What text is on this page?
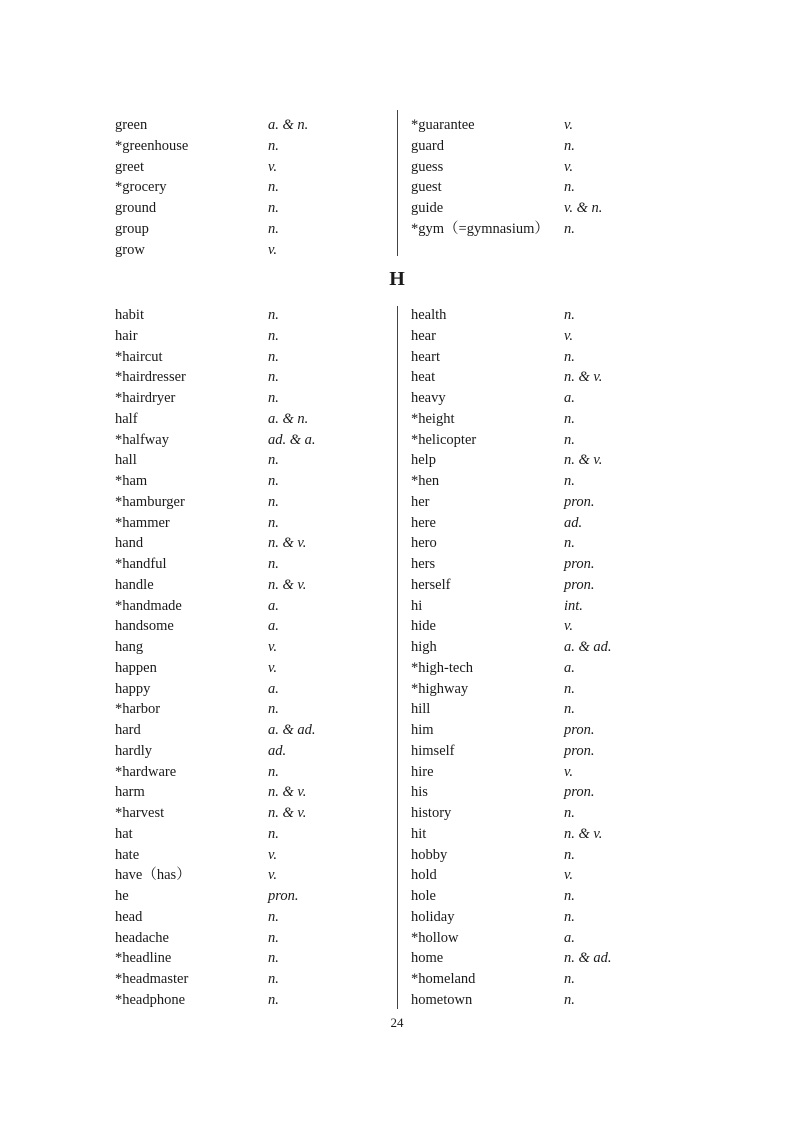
green	a. & n.
*greenhouse	n.
greet	v.
*grocery	n.
ground	n.
group	n.
grow	v.
*guarantee	v.
guard	n.
guess	v.
guest	n.
guide	v. & n.
*gym（=gymnasium）	n.
H
habit	n.
hair	n.
*haircut	n.
*hairdresser	n.
*hairdryer	n.
half	a. & n.
*halfway	ad. & a.
hall	n.
*ham	n.
*hamburger	n.
*hammer	n.
hand	n. & v.
*handful	n.
handle	n. & v.
*handmade	a.
handsome	a.
hang	v.
happen	v.
happy	a.
*harbor	n.
hard	a. & ad.
hardly	ad.
*hardware	n.
harm	n. & v.
*harvest	n. & v.
hat	n.
hate	v.
have（has）	v.
he	pron.
head	n.
headache	n.
*headline	n.
*headmaster	n.
*headphone	n.
health	n.
hear	v.
heart	n.
heat	n. & v.
heavy	a.
*height	n.
*helicopter	n.
help	n. & v.
*hen	n.
her	pron.
here	ad.
hero	n.
hers	pron.
herself	pron.
hi	int.
hide	v.
high	a. & ad.
*high-tech	a.
*highway	n.
hill	n.
him	pron.
himself	pron.
hire	v.
his	pron.
history	n.
hit	n. & v.
hobby	n.
hold	v.
hole	n.
holiday	n.
*hollow	a.
home	n. & ad.
*homeland	n.
hometown	n.
24
